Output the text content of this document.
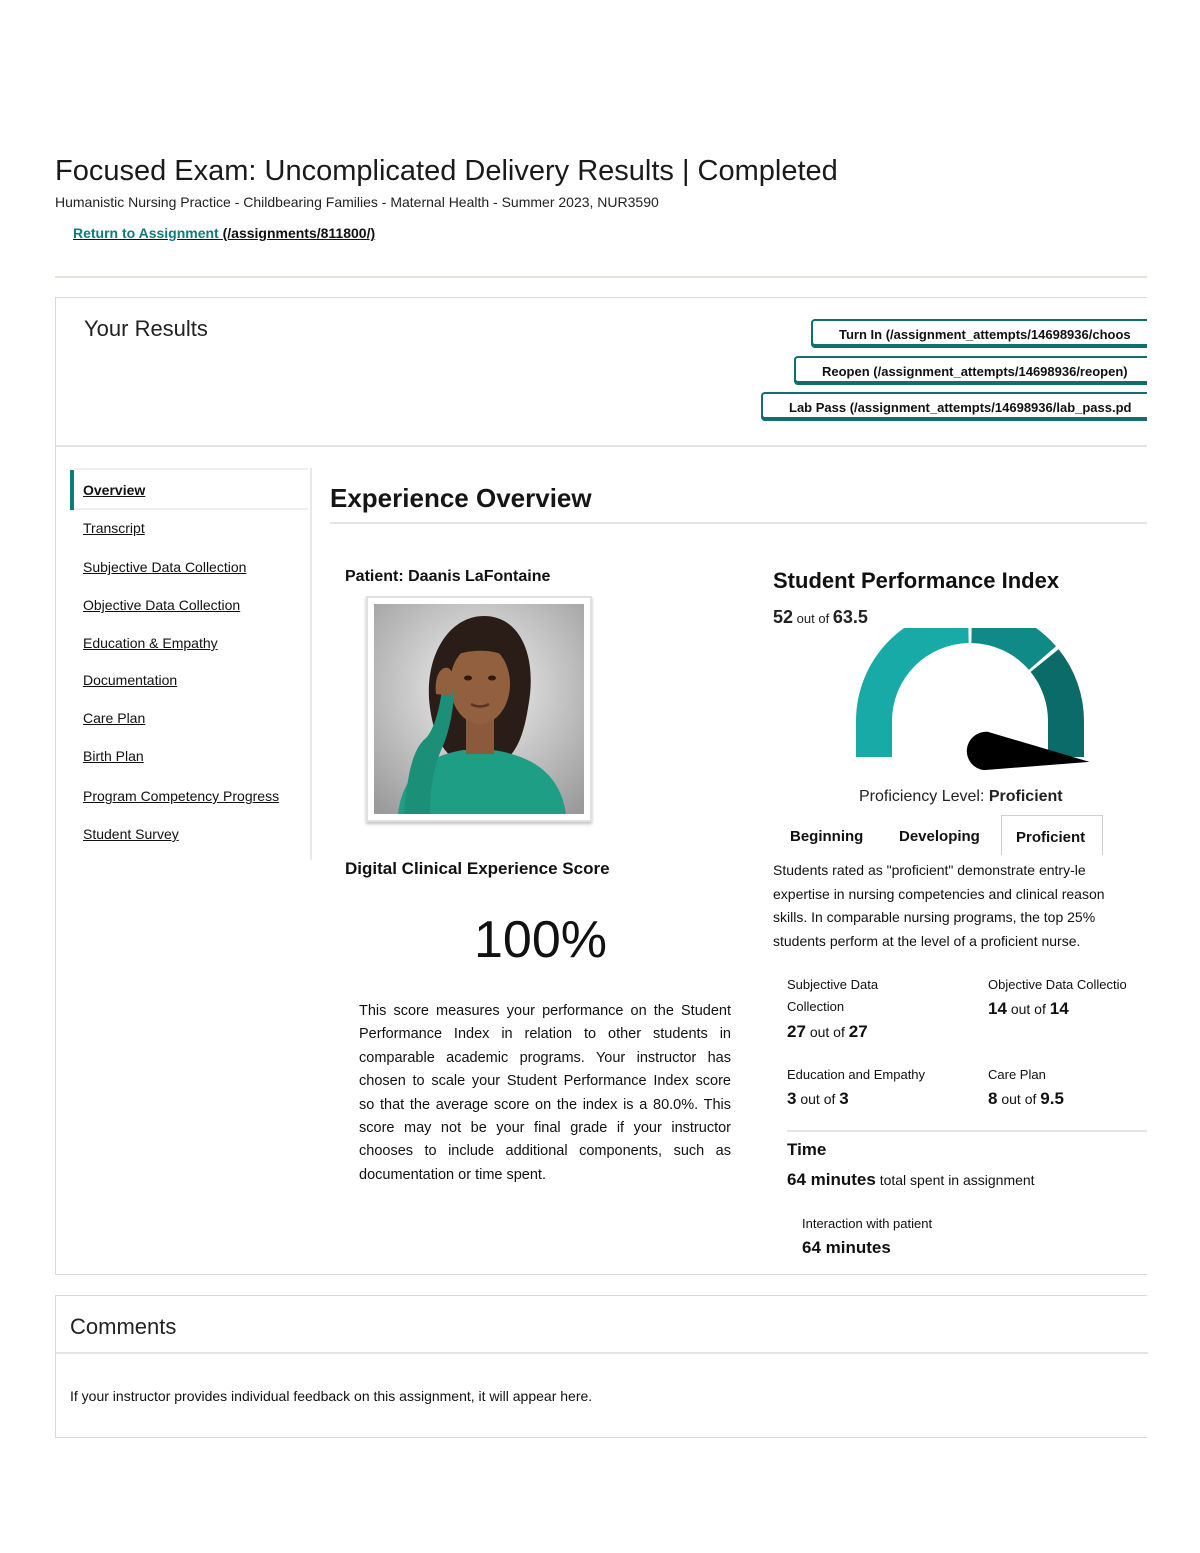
Focused Exam: Uncomplicated Delivery Results | Completed
Humanistic Nursing Practice - Childbearing Families - Maternal Health - Summer 2023, NUR3590
Return to Assignment (/assignments/811800/)
Your Results	Turn In (/assignment_attempts/14698936/choos
Reopen (/assignment_attempts/14698936/reopen)
Lab Pass (/assignment_attempts/14698936/lab_pass.pd
Overview
Transcript
Subjective Data Collection
Objective Data Collection
Education & Empathy
Documentation
Care Plan
Birth Plan
Program Competency Progress
Student Survey
Experience Overview
Patient: Daanis LaFontaine
Digital Clinical Experience Score
100%
This score measures your performance on the Student Performance Index in relation to other students in comparable academic programs. Your instructor has chosen to scale your Student Performance Index score so that the average score on the index is a 80.0%. This score may not be your final grade if your instructor chooses to include additional components, such as documentation or time spent.
Student Performance Index
52 out of 63.5
Proficiency Level: Proficient
Beginning	Developing	Proficient
Students rated as "proficient" demonstrate entry-le
expertise in nursing competencies and clinical reason
skills. In comparable nursing programs, the top 25%
students perform at the level of a proficient nurse.
Subjective Data
Collection
27 out of 27
Objective Data Collectio
14 out of 14
Education and Empathy
3 out of 3
Care Plan
8 out of 9.5
Time
64 minutes total spent in assignment
Interaction with patient
64 minutes
Comments
If your instructor provides individual feedback on this assignment, it will appear here.
